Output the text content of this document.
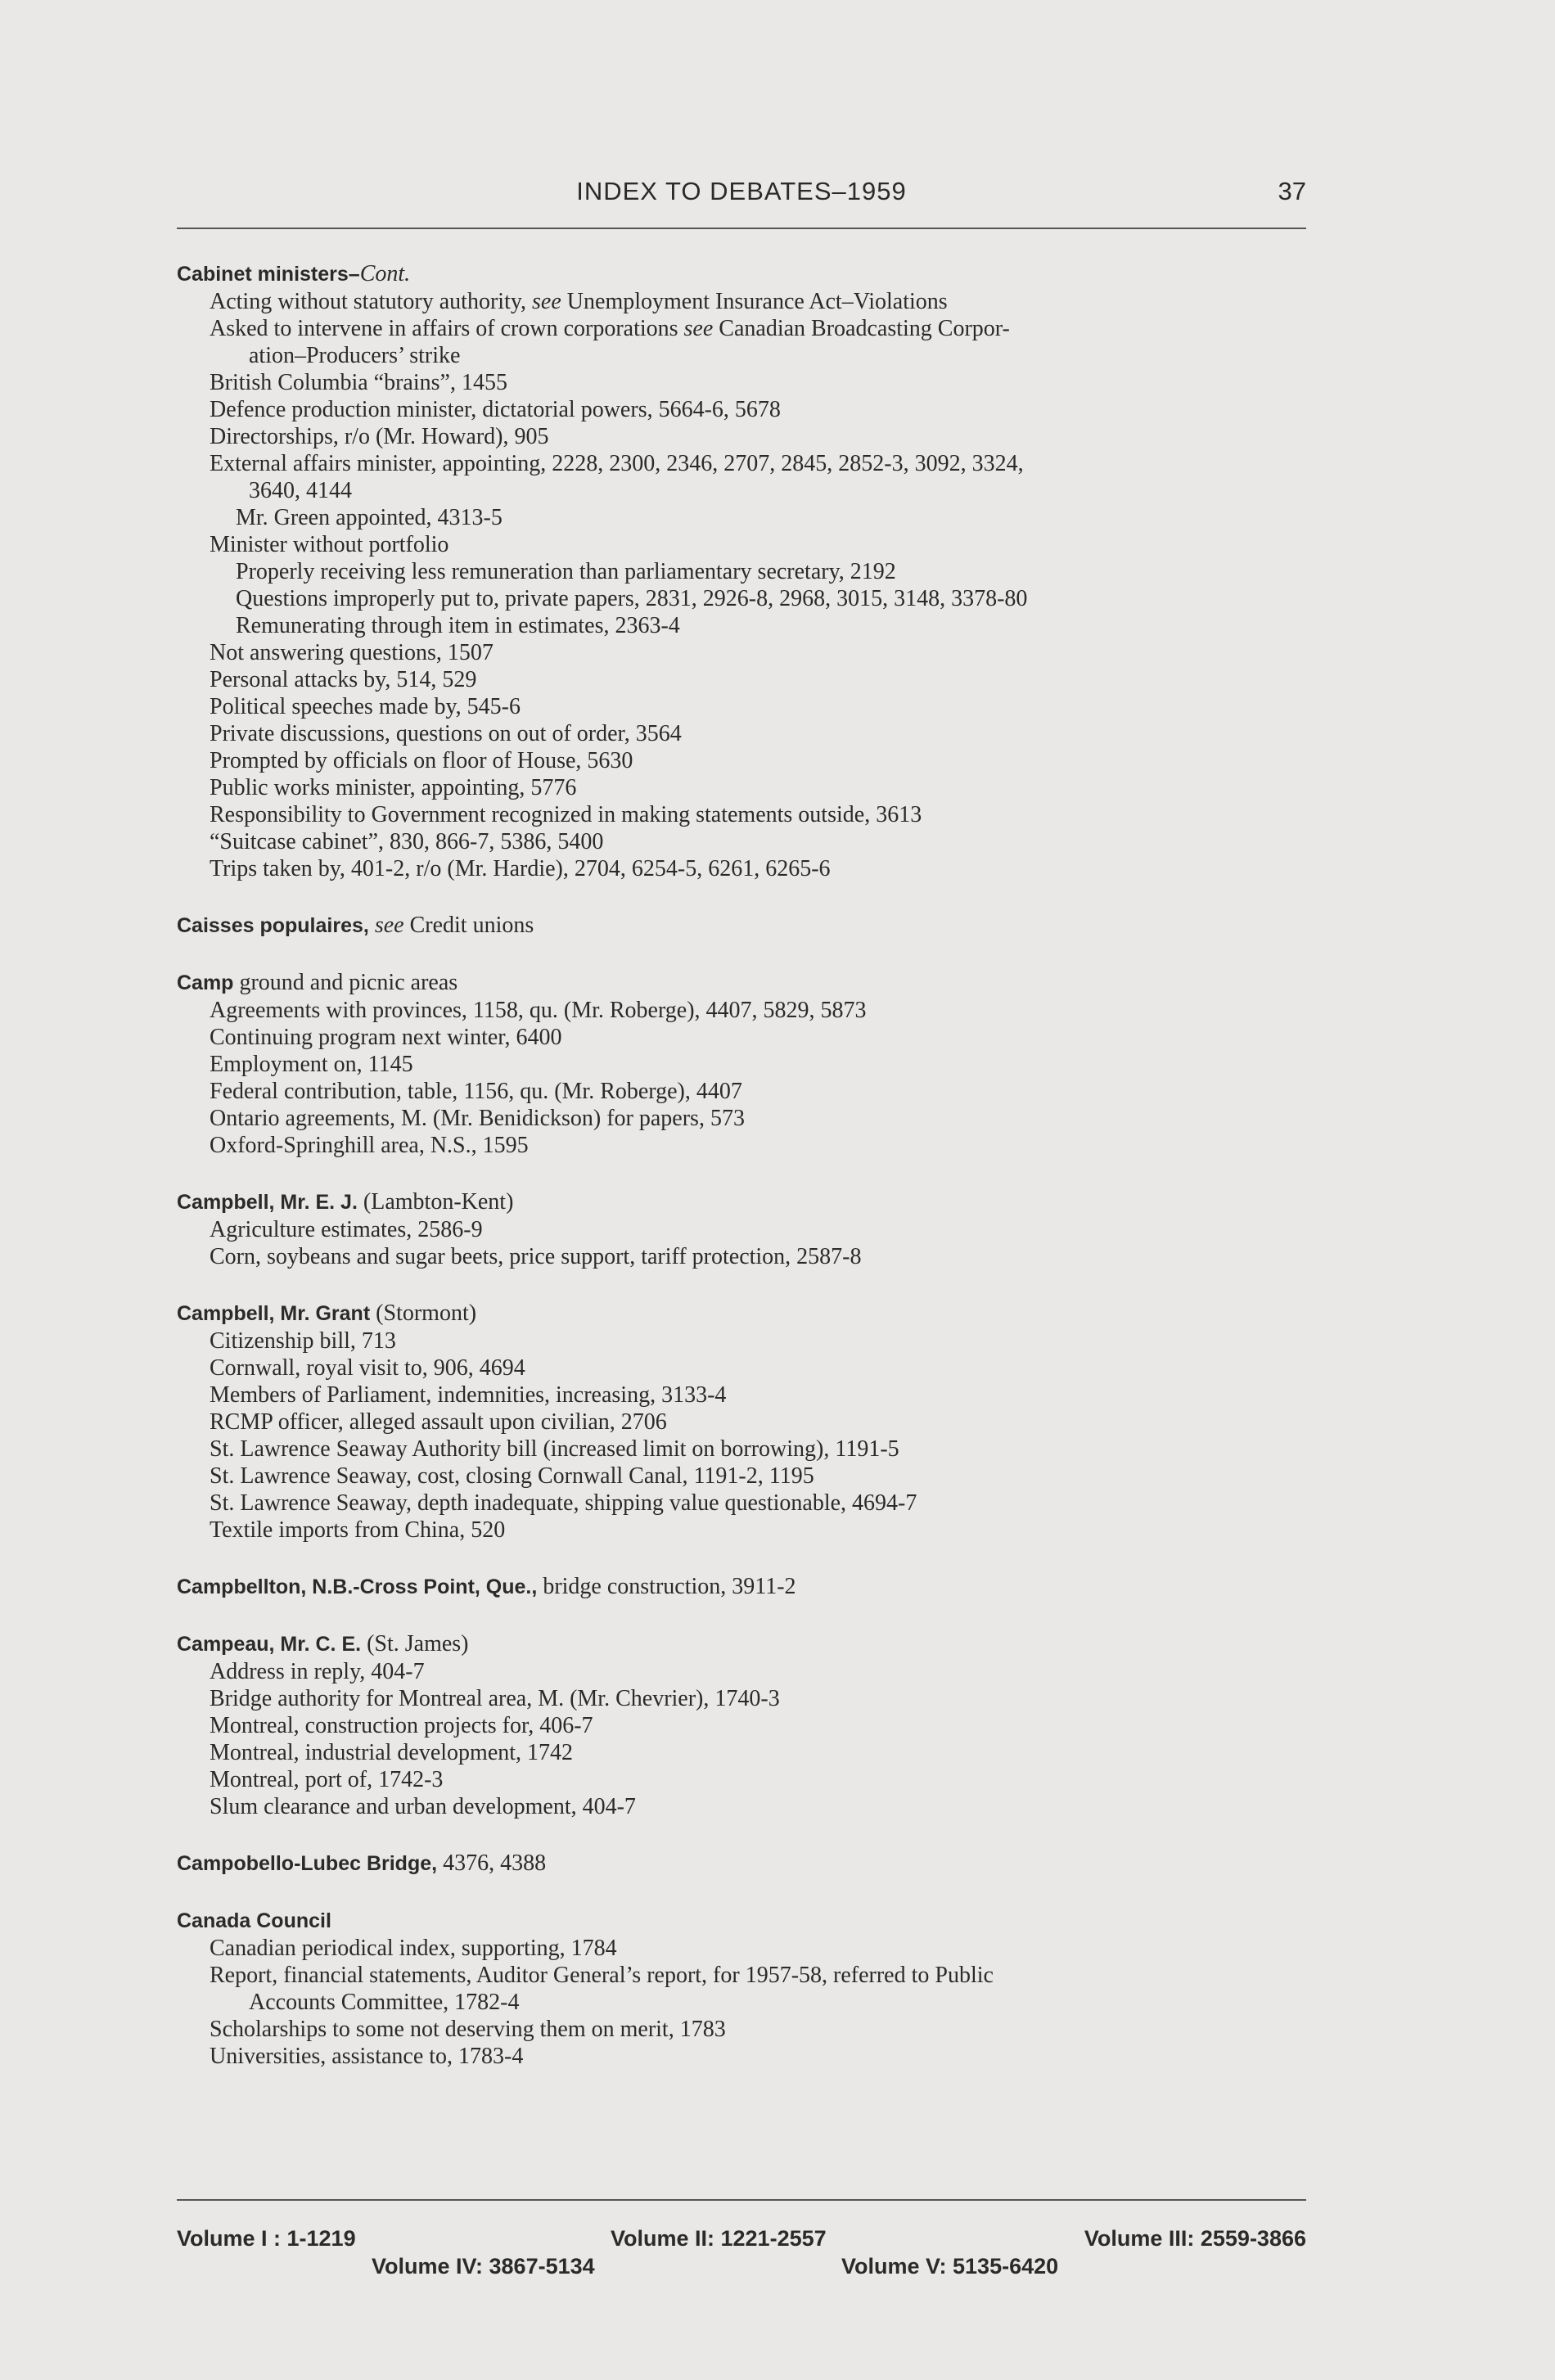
INDEX TO DEBATES–1959	37
Cabinet ministers–Cont.
Acting without statutory authority, see Unemployment Insurance Act–Violations
Asked to intervene in affairs of crown corporations see Canadian Broadcasting Corpor-
ation–Producers’ strike
British Columbia “brains”, 1455
Defence production minister, dictatorial powers, 5664-6, 5678
Directorships, r/o (Mr. Howard), 905
External affairs minister, appointing, 2228, 2300, 2346, 2707, 2845, 2852-3, 3092, 3324,
3640, 4144
Mr. Green appointed, 4313-5
Minister without portfolio
Properly receiving less remuneration than parliamentary secretary, 2192
Questions improperly put to, private papers, 2831, 2926-8, 2968, 3015, 3148, 3378-80
Remunerating through item in estimates, 2363-4
Not answering questions, 1507
Personal attacks by, 514, 529
Political speeches made by, 545-6
Private discussions, questions on out of order, 3564
Prompted by officials on floor of House, 5630
Public works minister, appointing, 5776
Responsibility to Government recognized in making statements outside, 3613
“Suitcase cabinet”, 830, 866-7, 5386, 5400
Trips taken by, 401-2, r/o (Mr. Hardie), 2704, 6254-5, 6261, 6265-6
Caisses populaires, see Credit unions
Camp ground and picnic areas
Agreements with provinces, 1158, qu. (Mr. Roberge), 4407, 5829, 5873
Continuing program next winter, 6400
Employment on, 1145
Federal contribution, table, 1156, qu. (Mr. Roberge), 4407
Ontario agreements, M. (Mr. Benidickson) for papers, 573
Oxford-Springhill area, N.S., 1595
Campbell, Mr. E. J. (Lambton-Kent)
Agriculture estimates, 2586-9
Corn, soybeans and sugar beets, price support, tariff protection, 2587-8
Campbell, Mr. Grant (Stormont)
Citizenship bill, 713
Cornwall, royal visit to, 906, 4694
Members of Parliament, indemnities, increasing, 3133-4
RCMP officer, alleged assault upon civilian, 2706
St. Lawrence Seaway Authority bill (increased limit on borrowing), 1191-5
St. Lawrence Seaway, cost, closing Cornwall Canal, 1191-2, 1195
St. Lawrence Seaway, depth inadequate, shipping value questionable, 4694-7
Textile imports from China, 520
Campbellton, N.B.-Cross Point, Que., bridge construction, 3911-2
Campeau, Mr. C. E. (St. James)
Address in reply, 404-7
Bridge authority for Montreal area, M. (Mr. Chevrier), 1740-3
Montreal, construction projects for, 406-7
Montreal, industrial development, 1742
Montreal, port of, 1742-3
Slum clearance and urban development, 404-7
Campobello-Lubec Bridge, 4376, 4388
Canada Council
Canadian periodical index, supporting, 1784
Report, financial statements, Auditor General’s report, for 1957-58, referred to Public
Accounts Committee, 1782-4
Scholarships to some not deserving them on merit, 1783
Universities, assistance to, 1783-4
Volume I : 1-1219	Volume II: 1221-2557	Volume III: 2559-3866
Volume IV: 3867-5134	Volume V: 5135-6420
